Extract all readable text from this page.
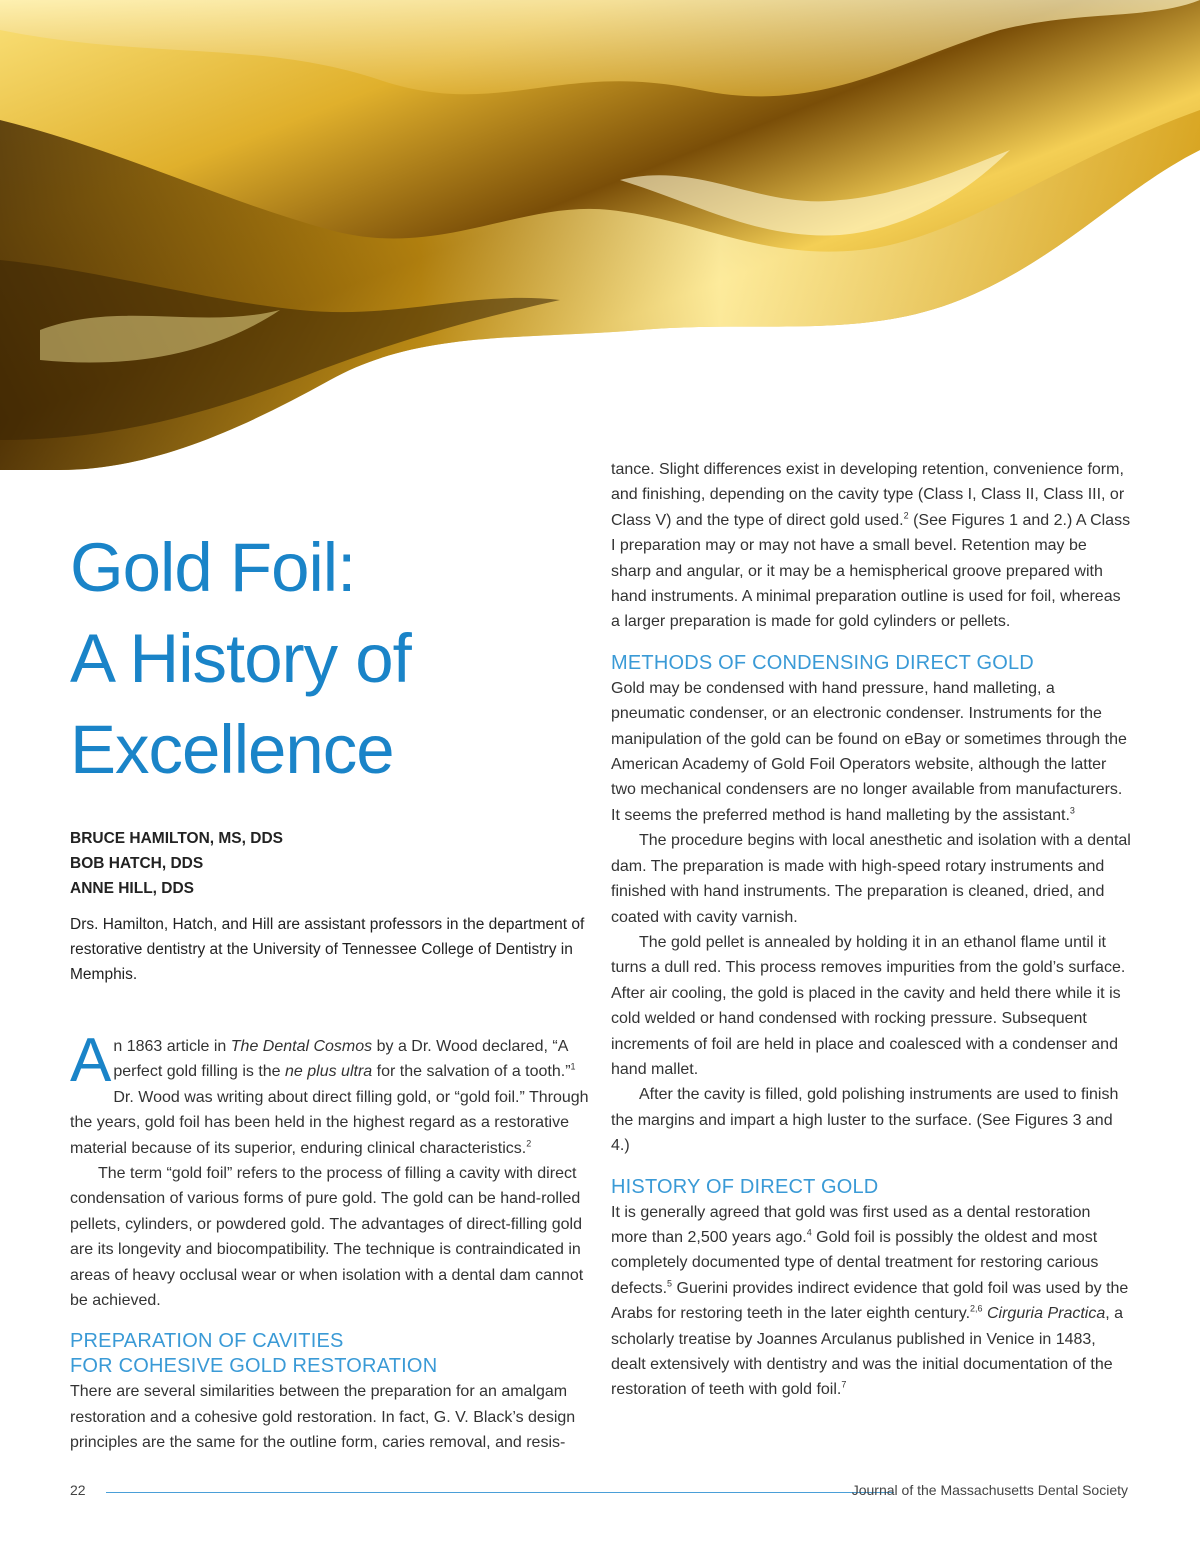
Gold Foil:
A History of
Excellence
BRUCE HAMILTON, MS, DDS
BOB HATCH, DDS
ANNE HILL, DDS
Drs. Hamilton, Hatch, and Hill are assistant professors in the department of restorative dentistry at the University of Tennessee College of Dentistry in Memphis.

An 1863 article in The Dental Cosmos by a Dr. Wood declared, “A perfect gold filling is the ne plus ultra for the salvation of a tooth.”$^1$ Dr. Wood was writing about direct filling gold, or “gold foil.” Through the years, gold foil has been held in the highest regard as a restorative material because of its superior, enduring clinical characteristics.$^2$

The term “gold foil” refers to the process of filling a cavity with direct condensation of various forms of pure gold. The gold can be hand-rolled pellets, cylinders, or powdered gold. The advantages of direct-filling gold are its longevity and biocompatibility. The technique is contraindicated in areas of heavy occlusal wear or when isolation with a dental dam cannot be achieved.

PREPARATION OF CAVITIES
FOR COHESIVE GOLD RESTORATION

There are several similarities between the preparation for an amalgam restoration and a cohesive gold restoration. In fact, G. V. Black’s design principles are the same for the outline form, caries removal, and resis-

tance. Slight differences exist in developing retention, convenience form, and finishing, depending on the cavity type (Class I, Class II, Class III, or Class V) and the type of direct gold used.$^2$ (See Figures 1 and 2.) A Class I preparation may or may not have a small bevel. Retention may be sharp and angular, or it may be a hemispherical groove prepared with hand instruments. A minimal preparation outline is used for foil, whereas a larger preparation is made for gold cylinders or pellets.

METHODS OF CONDENSING DIRECT GOLD

Gold may be condensed with hand pressure, hand malleting, a pneumatic condenser, or an electronic condenser. Instruments for the manipulation of the gold can be found on eBay or sometimes through the American Academy of Gold Foil Operators website, although the latter two mechanical condensers are no longer available from manufacturers. It seems the preferred method is hand malleting by the assistant.$^3$

The procedure begins with local anesthetic and isolation with a dental dam. The preparation is made with high-speed rotary instruments and finished with hand instruments. The preparation is cleaned, dried, and coated with cavity varnish.

The gold pellet is annealed by holding it in an ethanol flame until it turns a dull red. This process removes impurities from the gold’s surface. After air cooling, the gold is placed in the cavity and held there while it is cold welded or hand condensed with rocking pressure. Subsequent increments of foil are held in place and coalesced with a condenser and hand mallet.

After the cavity is filled, gold polishing instruments are used to finish the margins and impart a high luster to the surface. (See Figures 3 and 4.)

HISTORY OF DIRECT GOLD

It is generally agreed that gold was first used as a dental restoration more than 2,500 years ago.$^4$ Gold foil is possibly the oldest and most completely documented type of dental treatment for restoring carious defects.$^5$ Guerini provides indirect evidence that gold foil was used by the Arabs for restoring teeth in the later eighth century.$^{2,6}$ Cirguria Practica, a scholarly treatise by Joannes Arculanus published in Venice in 1483, dealt extensively with dentistry and was the initial documentation of the restoration of teeth with gold foil.$^7$

22	Journal of the Massachusetts Dental Society
